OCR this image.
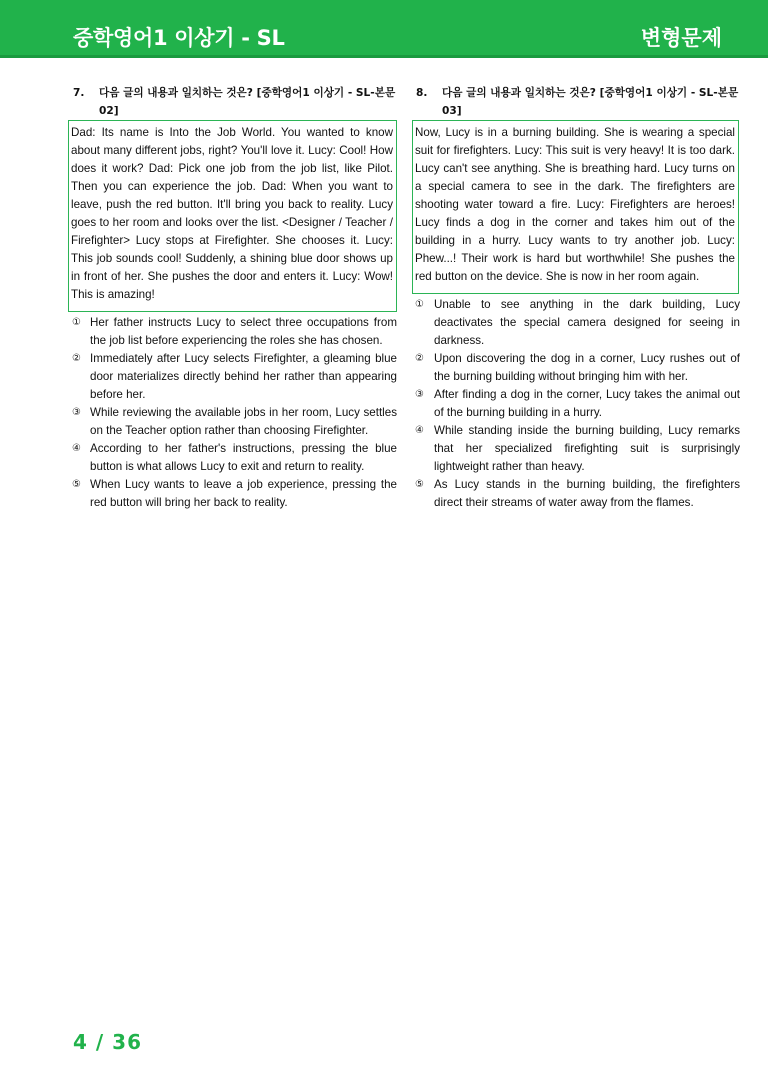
중학영어1 이상기 - SL	변형문제
7.	다음 글의 내용과 일치하는 것은? [중학영어1 이상기 - SL-본문 02]
Dad: Its name is Into the Job World. You wanted to know about many different jobs, right? You'll love it. Lucy: Cool! How does it work? Dad: Pick one job from the job list, like Pilot. Then you can experience the job. Dad: When you want to leave, push the red button. It'll bring you back to reality. Lucy goes to her room and looks over the list. <Designer / Teacher / Firefighter> Lucy stops at Firefighter. She chooses it. Lucy: This job sounds cool! Suddenly, a shining blue door shows up in front of her. She pushes the door and enters it. Lucy: Wow! This is amazing!
① Her father instructs Lucy to select three occupations from the job list before experiencing the roles she has chosen.
② Immediately after Lucy selects Firefighter, a gleaming blue door materializes directly behind her rather than appearing before her.
③ While reviewing the available jobs in her room, Lucy settles on the Teacher option rather than choosing Firefighter.
④ According to her father's instructions, pressing the blue button is what allows Lucy to exit and return to reality.
⑤ When Lucy wants to leave a job experience, pressing the red button will bring her back to reality.
8.	다음 글의 내용과 일치하는 것은? [중학영어1 이상기 - SL-본문 03]
Now, Lucy is in a burning building. She is wearing a special suit for firefighters. Lucy: This suit is very heavy! It is too dark. Lucy can't see anything. She is breathing hard. Lucy turns on a special camera to see in the dark. The firefighters are shooting water toward a fire. Lucy: Firefighters are heroes! Lucy finds a dog in the corner and takes him out of the building in a hurry. Lucy wants to try another job. Lucy: Phew...! Their work is hard but worthwhile! She pushes the red button on the device. She is now in her room again.
① Unable to see anything in the dark building, Lucy deactivates the special camera designed for seeing in darkness.
② Upon discovering the dog in a corner, Lucy rushes out of the burning building without bringing him with her.
③ After finding a dog in the corner, Lucy takes the animal out of the burning building in a hurry.
④ While standing inside the burning building, Lucy remarks that her specialized firefighting suit is surprisingly lightweight rather than heavy.
⑤ As Lucy stands in the burning building, the firefighters direct their streams of water away from the flames.
4 / 36
